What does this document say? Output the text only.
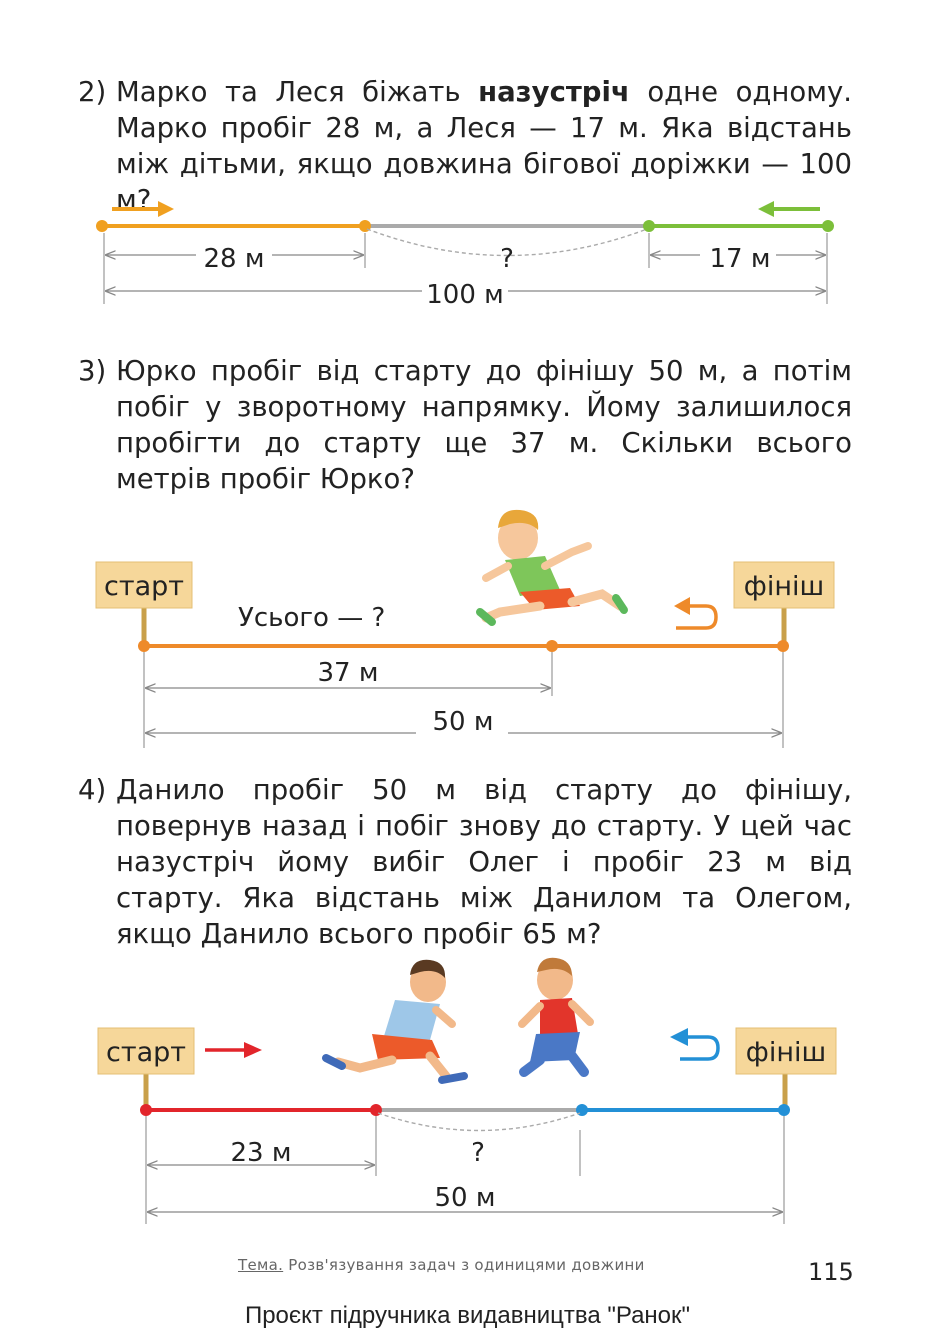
2) Марко та Леся біжать назустріч одне одному. Марко пробіг 28 м, а Леся — 17 м. Яка відстань між дітьми, якщо довжина бігової доріжки — 100 м?
3) Юрко пробіг від старту до фінішу 50 м, а потім побіг у зворотному напрямку. Йому залишилося пробігти до старту ще 37 м. Скільки всього метрів пробіг Юрко?
4) Данило пробіг 50 м від старту до фінішу, повернув назад і побіг знову до старту. У цей час назустріч йому вибіг Олег і пробіг 23 м від старту. Яка відстань між Данилом та Олегом, якщо Данило всього пробіг 65 м?
28 м	?	17 м
100 м
старт	фініш
Усього — ?
37 м
50 м
старт	фініш
23 м	?
50 м
Тема. Розв'язування задач з одиницями довжини	115
Проєкт підручника видавництва "Ранок"
